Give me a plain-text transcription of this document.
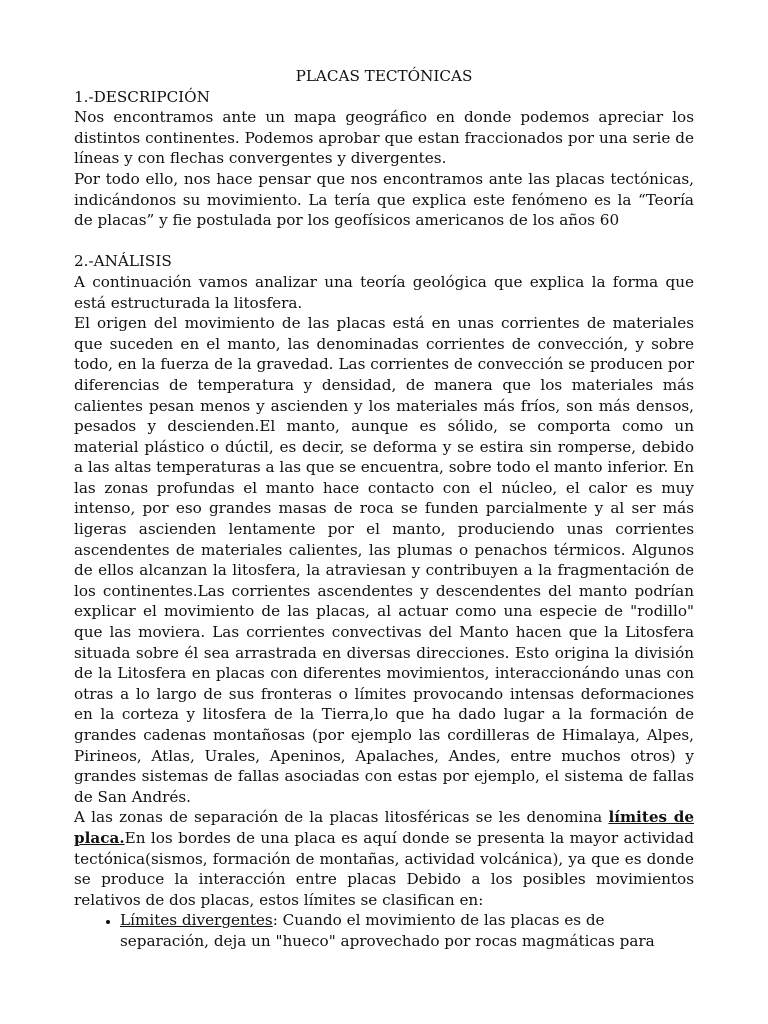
PLACAS TECTÓNICAS
1.-DESCRIPCIÓN

Nos encontramos ante un mapa geográfico en donde podemos apreciar los distintos continentes. Podemos aprobar que estan fraccionados por una serie de líneas y con flechas convergentes y divergentes.

Por todo ello, nos hace pensar que nos encontramos ante las placas tectónicas, indicándonos su movimiento. La tería que explica este fenómeno es la “Teoría de placas” y fie postulada por los geofísicos americanos de los años 60

2.-ANÁLISIS

A continuación vamos analizar una teoría geológica que explica la forma que está estructurada la litosfera.

El origen del movimiento de las placas está en unas corrientes de materiales que suceden en el manto, las denominadas corrientes de convección, y sobre todo, en la fuerza de la gravedad. Las corrientes de convección se producen por diferencias de temperatura y densidad, de manera que los materiales más calientes pesan menos y ascienden y los materiales más fríos, son más densos, pesados y descienden.El manto, aunque es sólido, se comporta como un material plástico o dúctil, es decir, se deforma y se estira sin romperse, debido a las altas temperaturas a las que se encuentra, sobre todo el manto inferior. En las zonas profundas el manto hace contacto con el núcleo, el calor es muy intenso, por eso grandes masas de roca se funden parcialmente y al ser más ligeras ascienden lentamente por el manto, produciendo unas corrientes ascendentes de materiales calientes, las plumas o penachos térmicos. Algunos de ellos alcanzan la litosfera, la atraviesan y contribuyen a la fragmentación de los continentes.Las corrientes ascendentes y descendentes del manto podrían explicar el movimiento de las placas, al actuar como una especie de "rodillo" que las moviera. Las corrientes convectivas del Manto hacen que la Litosfera situada sobre él sea arrastrada en diversas direcciones. Esto origina la división de la Litosfera en placas con diferentes movimientos, interaccionándo unas con otras a lo largo de sus fronteras o límites provocando intensas deformaciones en la corteza y litosfera de la Tierra,lo que ha dado lugar a la formación de grandes cadenas montañosas (por ejemplo las cordilleras de Himalaya, Alpes, Pirineos, Atlas, Urales, Apeninos, Apalaches, Andes, entre muchos otros) y grandes sistemas de fallas asociadas con estas por ejemplo, el sistema de fallas de San Andrés.

A las zonas de separación de la placas litosféricas se les denomina límites de placa.En los bordes de una placa es aquí donde se presenta la mayor actividad tectónica(sismos, formación de montañas, actividad volcánica), ya que es donde se produce la interacción entre placas Debido a los posibles movimientos relativos de dos placas, estos límites se clasifican en:

• Límites divergentes: Cuando el movimiento de las placas es de separación, deja un "hueco" aprovechado por rocas magmáticas para
